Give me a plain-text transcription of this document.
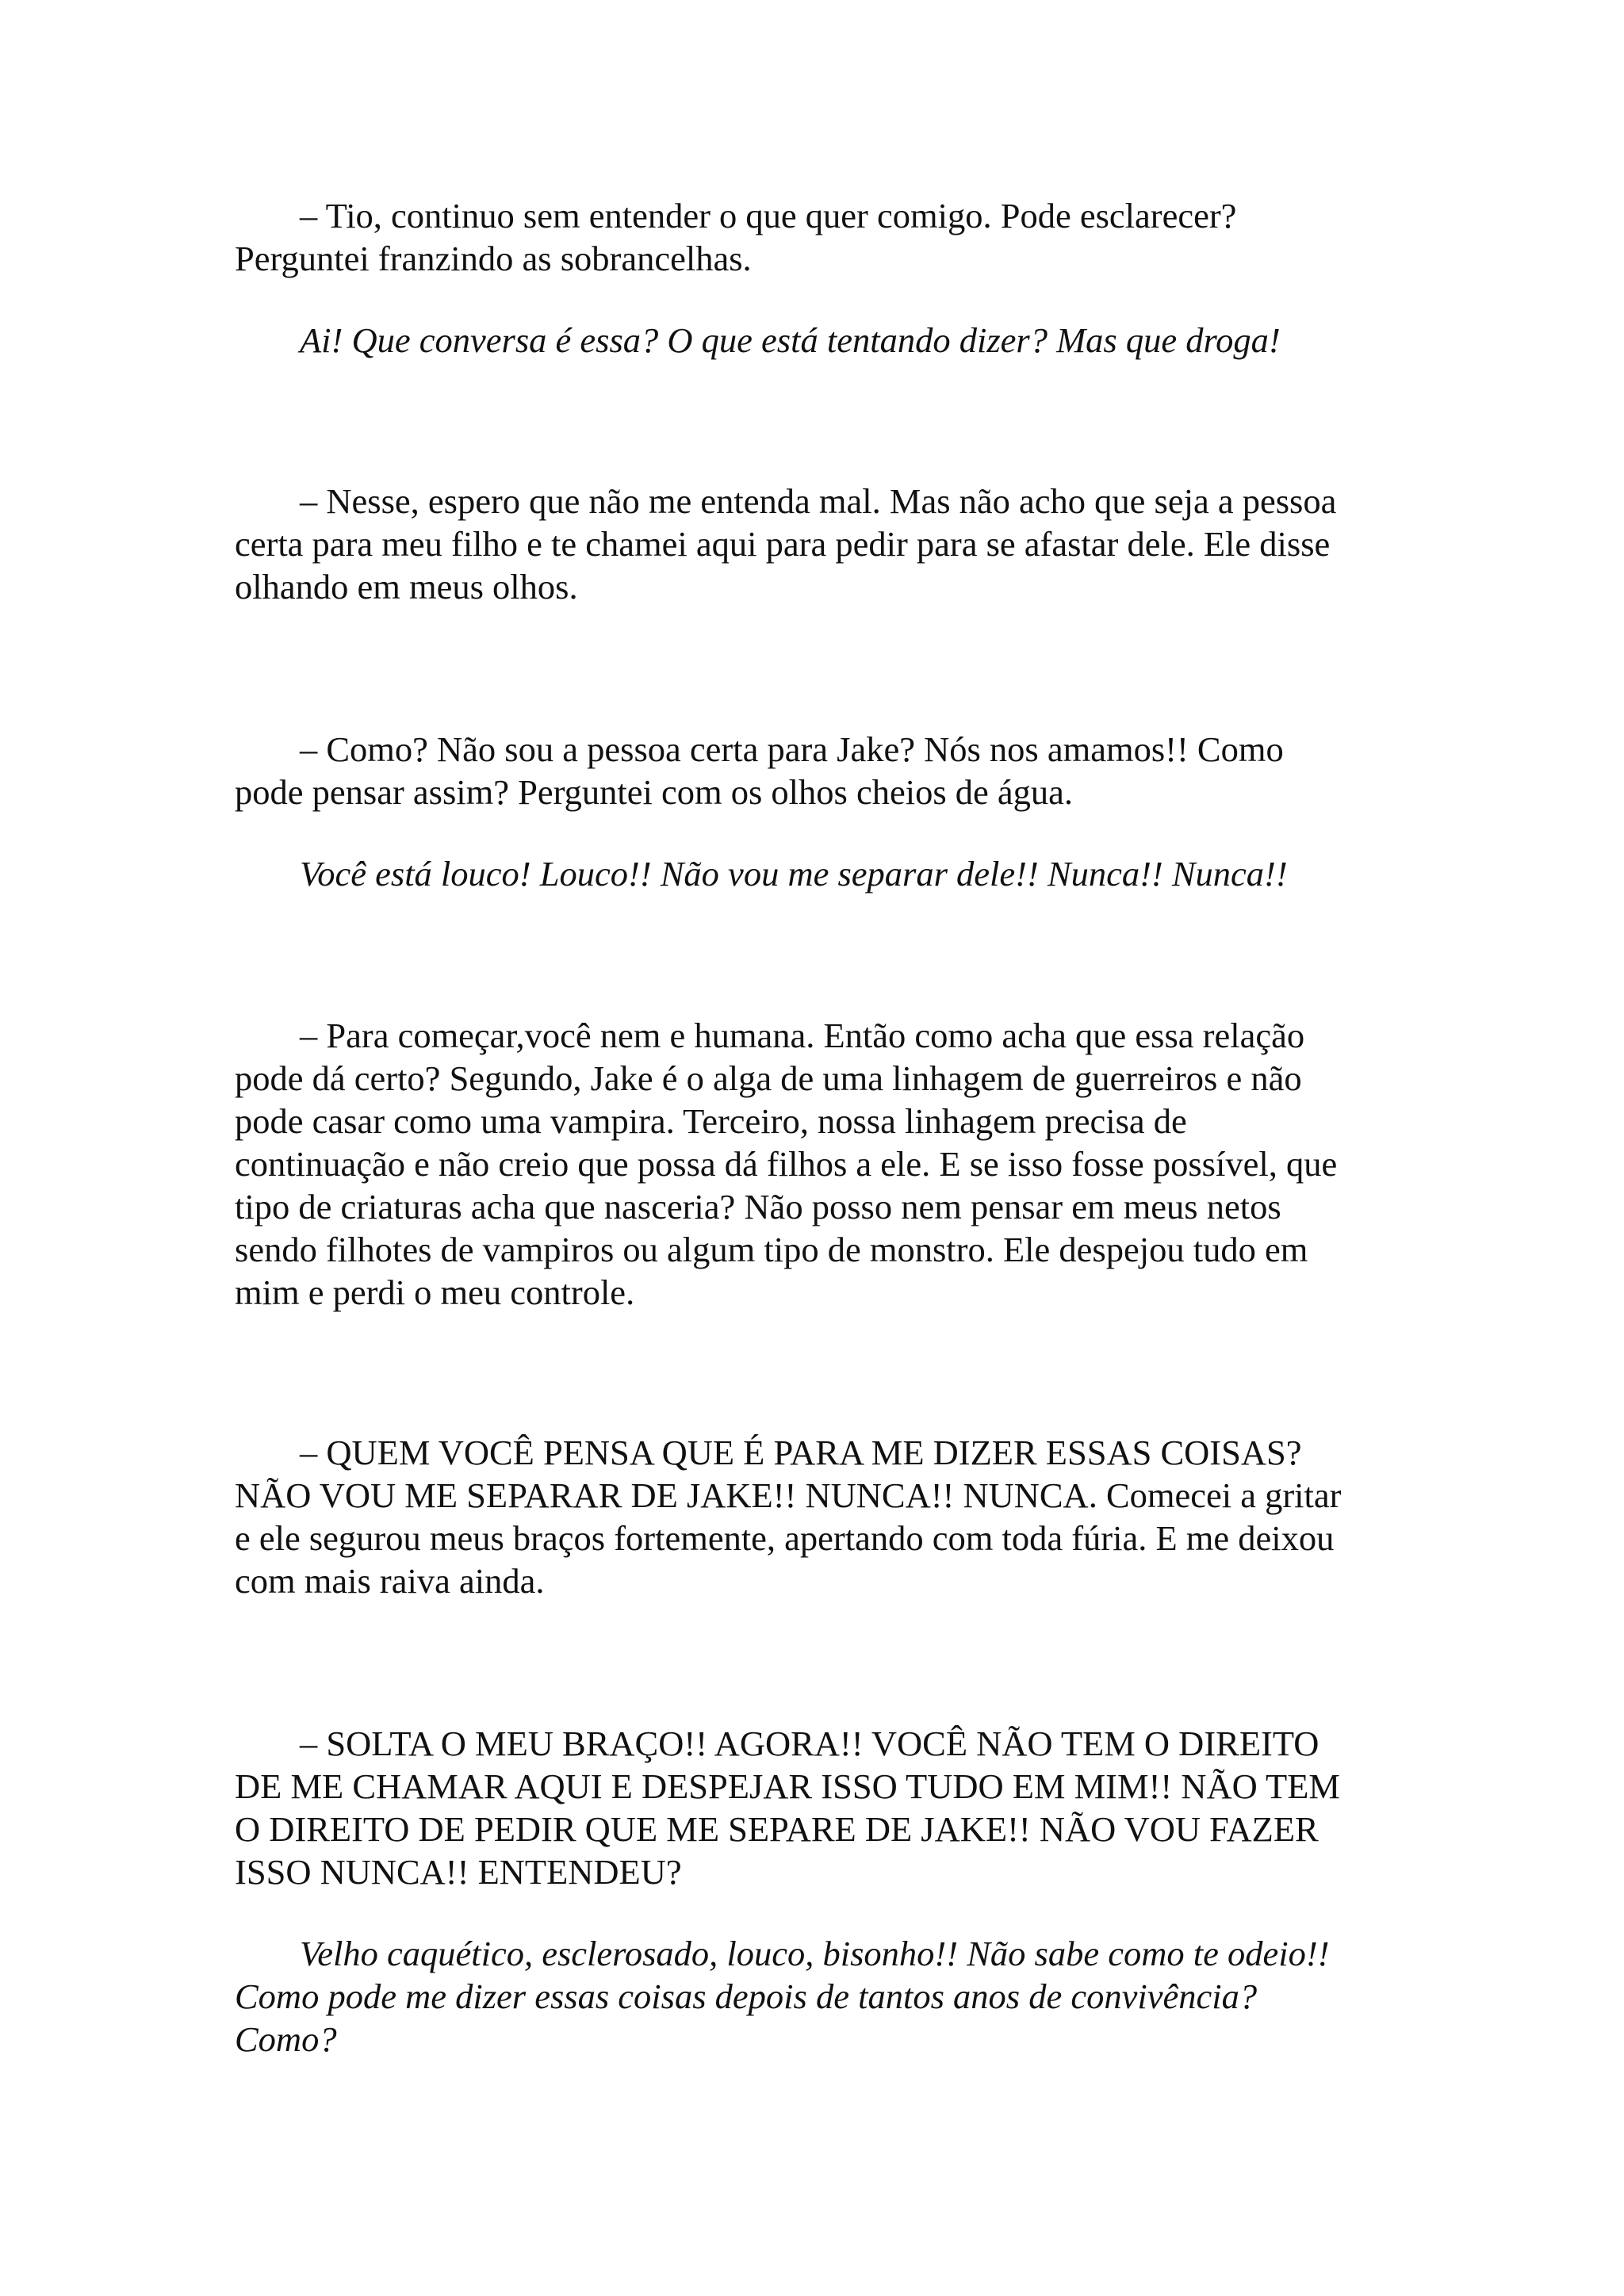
– Tio, continuo sem entender o que quer comigo. Pode esclarecer?
Perguntei franzindo as sobrancelhas.

Ai! Que conversa é essa? O que está tentando dizer? Mas que droga!

– Nesse, espero que não me entenda mal. Mas não acho que seja a pessoa
certa para meu filho e te chamei aqui para pedir para se afastar dele. Ele disse
olhando em meus olhos.

– Como? Não sou a pessoa certa para Jake? Nós nos amamos!! Como
pode pensar assim? Perguntei com os olhos cheios de água.

Você está louco! Louco!! Não vou me separar dele!! Nunca!! Nunca!!

– Para começar,você nem e humana. Então como acha que essa relação
pode dá certo? Segundo, Jake é o alga de uma linhagem de guerreiros e não
pode casar como uma vampira. Terceiro, nossa linhagem precisa de
continuação e não creio que possa dá filhos a ele. E se isso fosse possível, que
tipo de criaturas acha que nasceria? Não posso nem pensar em meus netos
sendo filhotes de vampiros ou algum tipo de monstro. Ele despejou tudo em
mim e perdi o meu controle.

– QUEM VOCÊ PENSA QUE É PARA ME DIZER ESSAS COISAS?
NÃO VOU ME SEPARAR DE JAKE!! NUNCA!! NUNCA. Comecei a gritar
e ele segurou meus braços fortemente, apertando com toda fúria. E me deixou
com mais raiva ainda.

– SOLTA O MEU BRAÇO!! AGORA!! VOCÊ NÃO TEM O DIREITO
DE ME CHAMAR AQUI E DESPEJAR ISSO TUDO EM MIM!! NÃO TEM
O DIREITO DE PEDIR QUE ME SEPARE DE JAKE!! NÃO VOU FAZER
ISSO NUNCA!! ENTENDEU?

Velho caquético, esclerosado, louco, bisonho!! Não sabe como te odeio!!
Como pode me dizer essas coisas depois de tantos anos de convivência?
Como?
